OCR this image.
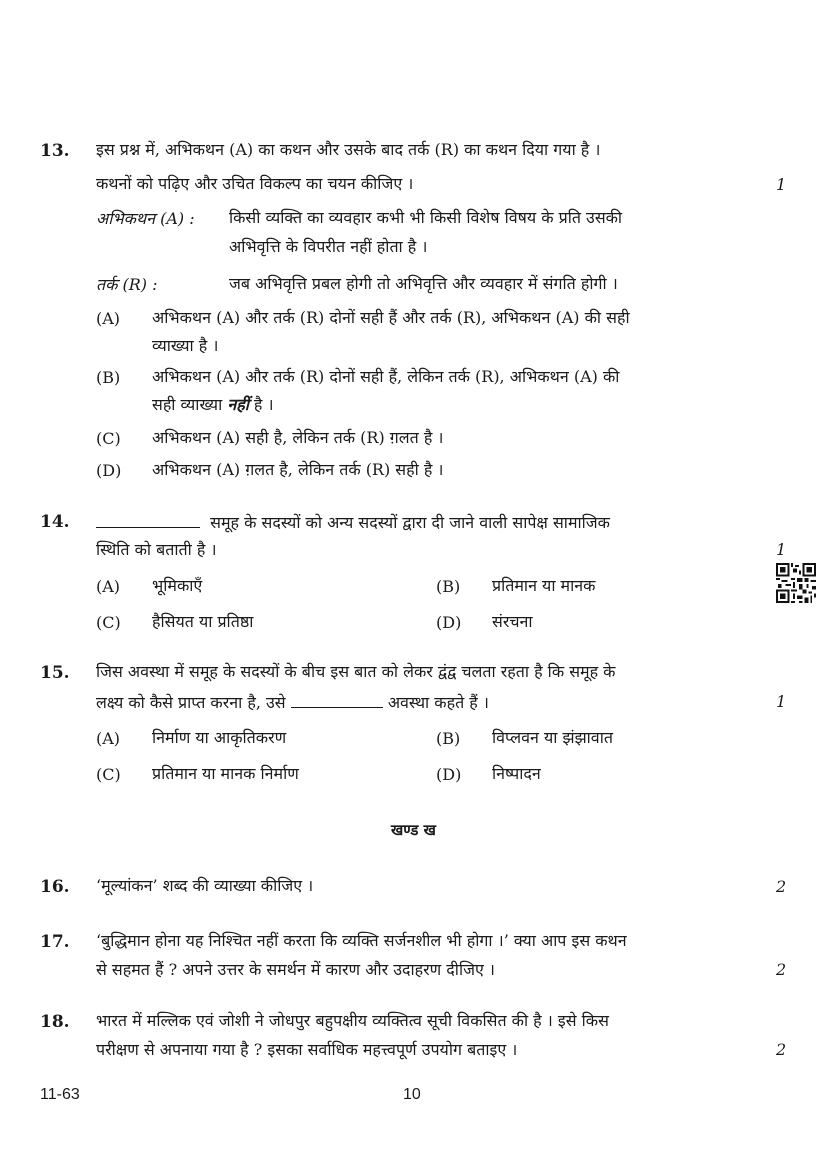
13. इस प्रश्न में, अभिकथन (A) का कथन और उसके बाद तर्क (R) का कथन दिया गया है ।
कथनों को पढ़िए और उचित विकल्प का चयन कीजिए ।	1
अभिकथन (A) : किसी व्यक्ति का व्यवहार कभी भी किसी विशेष विषय के प्रति उसकी
अभिवृत्ति के विपरीत नहीं होता है ।
तर्क (R) :	जब अभिवृत्ति प्रबल होगी तो अभिवृत्ति और व्यवहार में संगति होगी ।
(A) अभिकथन (A) और तर्क (R) दोनों सही हैं और तर्क (R), अभिकथन (A) की सही
व्याख्या है ।
(B) अभिकथन (A) और तर्क (R) दोनों सही हैं, लेकिन तर्क (R), अभिकथन (A) की
सही व्याख्या नहीं है ।
(C) अभिकथन (A) सही है, लेकिन तर्क (R) ग़लत है ।
(D) अभिकथन (A) ग़लत है, लेकिन तर्क (R) सही है ।
14.	समूह के सदस्यों को अन्य सदस्यों द्वारा दी जाने वाली सापेक्ष सामाजिक
स्थिति को बताती है ।	1
(A) भूमिकाएँ	(B) प्रतिमान या मानक
(C) हैसियत या प्रतिष्ठा	(D) संरचना
15. जिस अवस्था में समूह के सदस्यों के बीच इस बात को लेकर द्वंद्व चलता रहता है कि समूह के
लक्ष्य को कैसे प्राप्त करना है, उसे	अवस्था कहते हैं ।	1
(A) निर्माण या आकृतिकरण	(B) विप्लवन या झंझावात
(C) प्रतिमान या मानक निर्माण	(D) निष्पादन
खण्ड ख
16. ‘मूल्यांकन’ शब्द की व्याख्या कीजिए ।	2
17. ‘बुद्धिमान होना यह निश्चित नहीं करता कि व्यक्ति सर्जनशील भी होगा ।’ क्या आप इस कथन
से सहमत हैं ? अपने उत्तर के समर्थन में कारण और उदाहरण दीजिए ।	2
18. भारत में मल्लिक एवं जोशी ने जोधपुर बहुपक्षीय व्यक्तित्व सूची विकसित की है । इसे किस
परीक्षण से अपनाया गया है ? इसका सर्वाधिक महत्त्वपूर्ण उपयोग बताइए ।	2
11-63	10
